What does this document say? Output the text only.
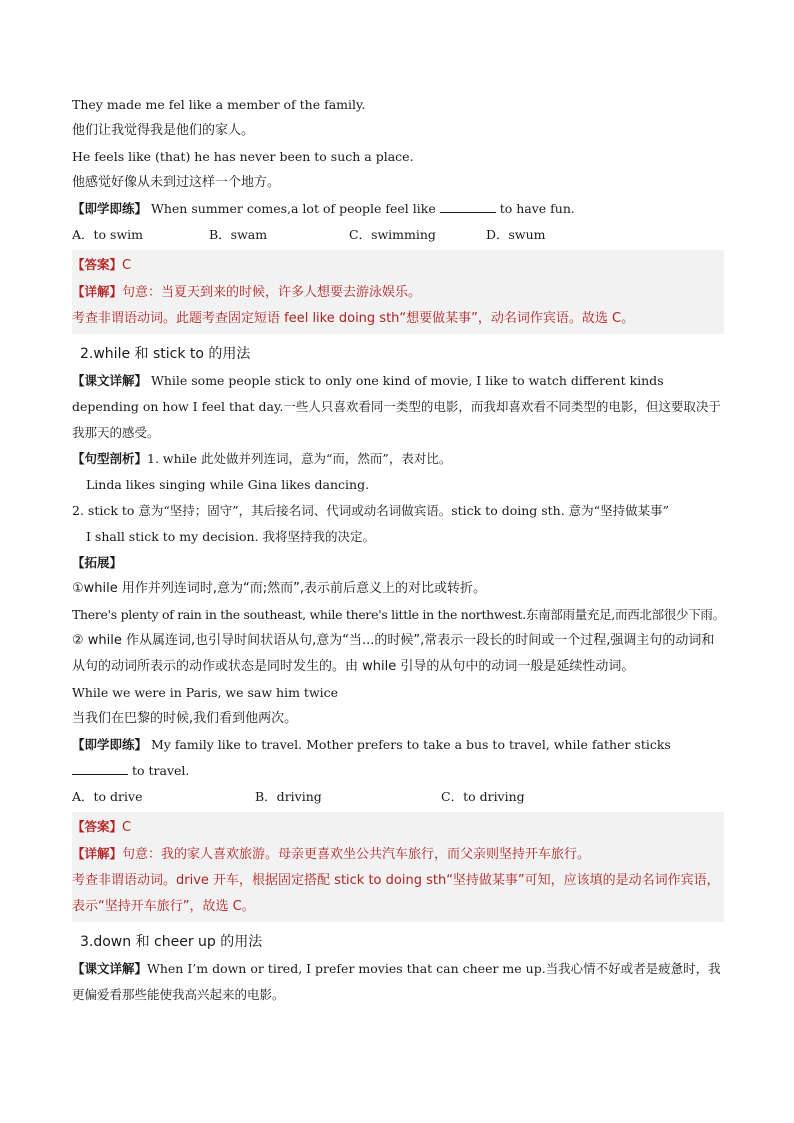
They made me fel like a member of the family.
他们让我觉得我是他们的家人。
He feels like (that) he has never been to such a place.
他感觉好像从未到过这样一个地方。
【即学即练】 When summer comes,a lot of people feel like	to have fun.
A．to swim	B．swam	C．swimming	D．swum
【答案】C
【详解】句意：当夏天到来的时候，许多人想要去游泳娱乐。
考查非谓语动词。此题考查固定短语 feel like doing sth“想要做某事”，动名词作宾语。故选 C。
2.while 和 stick to 的用法
【课文详解】 While some people stick to only one kind of movie, I like to watch different kinds depending on how I feel that day.一些人只喜欢看同一类型的电影，而我却喜欢看不同类型的电影，但这要取决于我那天的感受。
【句型剖析】1. while 此处做并列连词，意为“而，然而”，表对比。
Linda likes singing while Gina likes dancing.
2. stick to 意为“坚持；固守”，其后接名词、代词或动名词做宾语。stick to doing sth. 意为“坚持做某事”
I shall stick to my decision. 我将坚持我的决定。
【拓展】
①while 用作并列连词时,意为“而;然而”,表示前后意义上的对比或转折。
There's plenty of rain in the southeast, while there's little in the northwest.东南部雨量充足,而西北部很少下雨。
② while 作从属连词,也引导时间状语从句,意为“当...的时候”,常表示一段长的时间或一个过程,强调主句的动词和从句的动词所表示的动作或状态是同时发生的。由 while 引导的从句中的动词一般是延续性动词。
While we were in Paris, we saw him twice
当我们在巴黎的时候,我们看到他两次。
【即学即练】 My family like to travel. Mother prefers to take a bus to travel, while father sticks  to travel.
A．to drive	B．driving	C．to driving
【答案】C
【详解】句意：我的家人喜欢旅游。母亲更喜欢坐公共汽车旅行，而父亲则坚持开车旅行。
考查非谓语动词。drive 开车，根据固定搭配 stick to doing sth“坚持做某事”可知，应该填的是动名词作宾语，表示“坚持开车旅行”，故选 C。
3.down 和 cheer up 的用法
【课文详解】When I’m down or tired, I prefer movies that can cheer me up.当我心情不好或者是疲惫时，我更偏爱看那些能使我高兴起来的电影。
